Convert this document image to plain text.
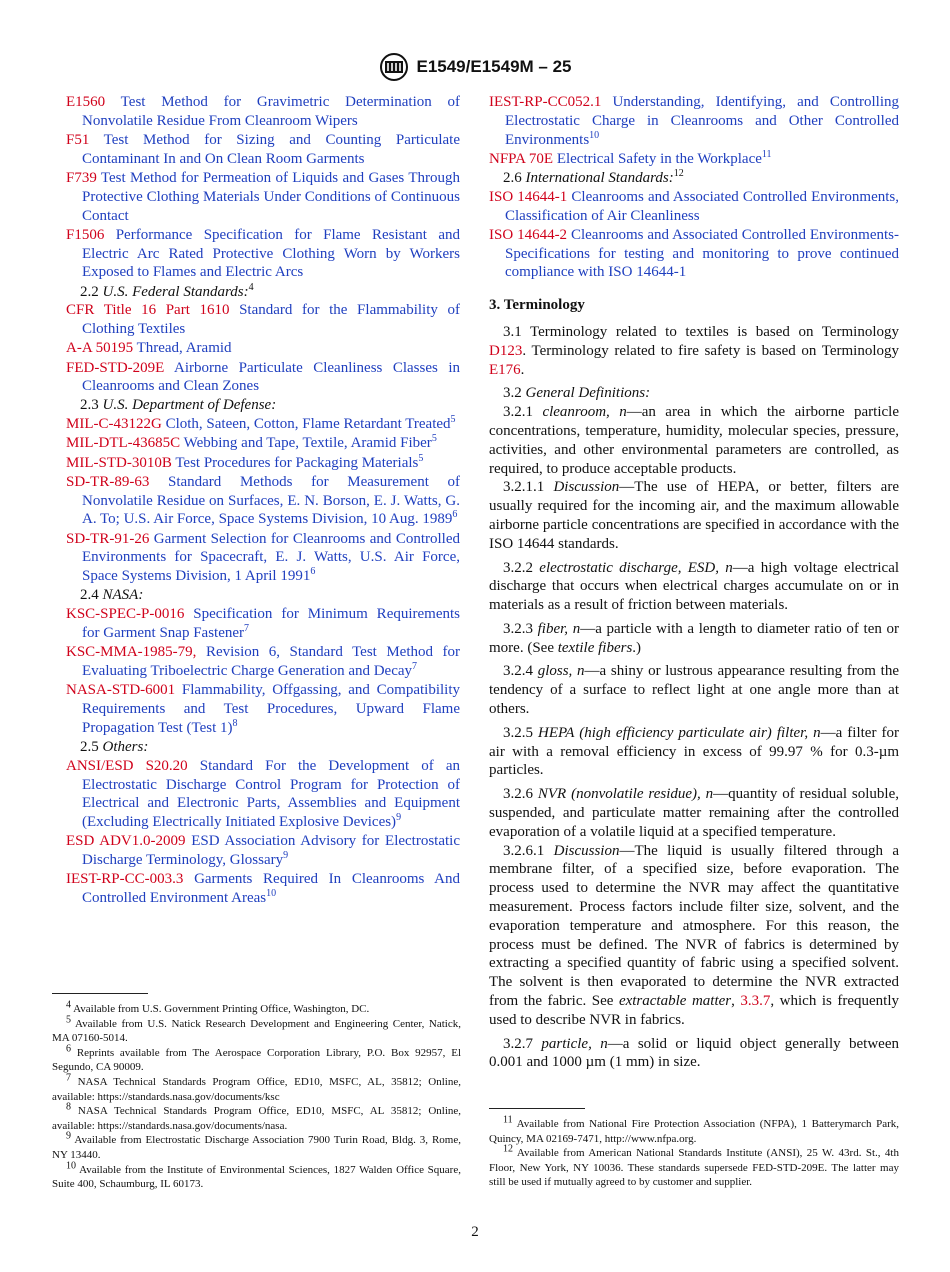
E1549/E1549M – 25

E1560 Test Method for Gravimetric Determination of Nonvolatile Residue From Cleanroom Wipers

F51 Test Method for Sizing and Counting Particulate Contaminant In and On Clean Room Garments

F739 Test Method for Permeation of Liquids and Gases Through Protective Clothing Materials Under Conditions of Continuous Contact

F1506 Performance Specification for Flame Resistant and Electric Arc Rated Protective Clothing Worn by Workers Exposed to Flames and Electric Arcs

2.2 U.S. Federal Standards:$^4$

CFR Title 16 Part 1610 Standard for the Flammability of Clothing Textiles

A-A 50195 Thread, Aramid

FED-STD-209E Airborne Particulate Cleanliness Classes in Cleanrooms and Clean Zones

2.3 U.S. Department of Defense:

MIL-C-43122G Cloth, Sateen, Cotton, Flame Retardant Treated$^5$

MIL-DTL-43685C Webbing and Tape, Textile, Aramid Fiber$^5$

MIL-STD-3010B Test Procedures for Packaging Materials$^5$

SD-TR-89-63 Standard Methods for Measurement of Nonvolatile Residue on Surfaces, E. N. Borson, E. J. Watts, G. A. To; U.S. Air Force, Space Systems Division, 10 Aug. 1989$^6$

SD-TR-91-26 Garment Selection for Cleanrooms and Controlled Environments for Spacecraft, E. J. Watts, U.S. Air Force, Space Systems Division, 1 April 1991$^6$

2.4 NASA:

KSC-SPEC-P-0016 Specification for Minimum Requirements for Garment Snap Fastener$^7$

KSC-MMA-1985-79, Revision 6, Standard Test Method for Evaluating Triboelectric Charge Generation and Decay$^7$

NASA-STD-6001 Flammability, Offgassing, and Compatibility Requirements and Test Procedures, Upward Flame Propagation Test (Test 1)$^8$

2.5 Others:

ANSI/ESD S20.20 Standard For the Development of an Electrostatic Discharge Control Program for Protection of Electrical and Electronic Parts, Assemblies and Equipment (Excluding Electrically Initiated Explosive Devices)$^9$

ESD ADV1.0-2009 ESD Association Advisory for Electrostatic Discharge Terminology, Glossary$^9$

IEST-RP-CC-003.3 Garments Required In Cleanrooms And Controlled Environment Areas$^{10}$

IEST-RP-CC052.1 Understanding, Identifying, and Controlling Electrostatic Charge in Cleanrooms and Other Controlled Environments$^{10}$

NFPA 70E Electrical Safety in the Workplace$^{11}$

2.6 International Standards:$^{12}$

ISO 14644-1 Cleanrooms and Associated Controlled Environments, Classification of Air Cleanliness

ISO 14644-2 Cleanrooms and Associated Controlled Environments-Specifications for testing and monitoring to prove continued compliance with ISO 14644-1

3. Terminology

3.1 Terminology related to textiles is based on Terminology D123. Terminology related to fire safety is based on Terminology E176.

3.2 General Definitions:

3.2.1 cleanroom, n—an area in which the airborne particle concentrations, temperature, humidity, molecular species, pressure, activities, and other environmental parameters are controlled, as required, to produce acceptable products.

3.2.1.1 Discussion—The use of HEPA, or better, filters are usually required for the incoming air, and the maximum allowable airborne particle concentrations are specified in accordance with the ISO 14644 standards.

3.2.2 electrostatic discharge, ESD, n—a high voltage electrical discharge that occurs when electrical charges accumulate on or in materials as a result of friction between materials.

3.2.3 fiber, n—a particle with a length to diameter ratio of ten or more. (See textile fibers.)

3.2.4 gloss, n—a shiny or lustrous appearance resulting from the tendency of a surface to reflect light at one angle more than at others.

3.2.5 HEPA (high efficiency particulate air) filter, n—a filter for air with a removal efficiency in excess of 99.97 % for 0.3-µm particles.

3.2.6 NVR (nonvolatile residue), n—quantity of residual soluble, suspended, and particulate matter remaining after the controlled evaporation of a volatile liquid at a specified temperature.

3.2.6.1 Discussion—The liquid is usually filtered through a membrane filter, of a specified size, before evaporation. The process used to determine the NVR may affect the quantitative measurement. Process factors include filter size, solvent, and the evaporation temperature and atmosphere. For this reason, the process must be defined. The NVR of fabrics is determined by extracting a specified quantity of fabric using a specified solvent. The solvent is then evaporated to determine the NVR extracted from the fabric. See extractable matter, 3.3.7, which is frequently used to describe NVR in fabrics.

3.2.7 particle, n—a solid or liquid object generally between 0.001 and 1000 µm (1 mm) in size.

$^4$ Available from U.S. Government Printing Office, Washington, DC.

$^5$ Available from U.S. Natick Research Development and Engineering Center, Natick, MA 07160-5014.

$^6$ Reprints available from The Aerospace Corporation Library, P.O. Box 92957, El Segundo, CA 90009.

$^7$ NASA Technical Standards Program Office, ED10, MSFC, AL, 35812; Online, available: https://standards.nasa.gov/documents/ksc

$^8$ NASA Technical Standards Program Office, ED10, MSFC, AL 35812; Online, available: https://standards.nasa.gov/documents/nasa.

$^9$ Available from Electrostatic Discharge Association 7900 Turin Road, Bldg. 3, Rome, NY 13440.

$^{10}$ Available from the Institute of Environmental Sciences, 1827 Walden Office Square, Suite 400, Schaumburg, IL 60173.

$^{11}$ Available from National Fire Protection Association (NFPA), 1 Batterymarch Park, Quincy, MA 02169-7471, http://www.nfpa.org.

$^{12}$ Available from American National Standards Institute (ANSI), 25 W. 43rd. St., 4th Floor, New York, NY 10036. These standards supersede FED-STD-209E. The latter may still be used if mutually agreed to by customer and supplier.

2
